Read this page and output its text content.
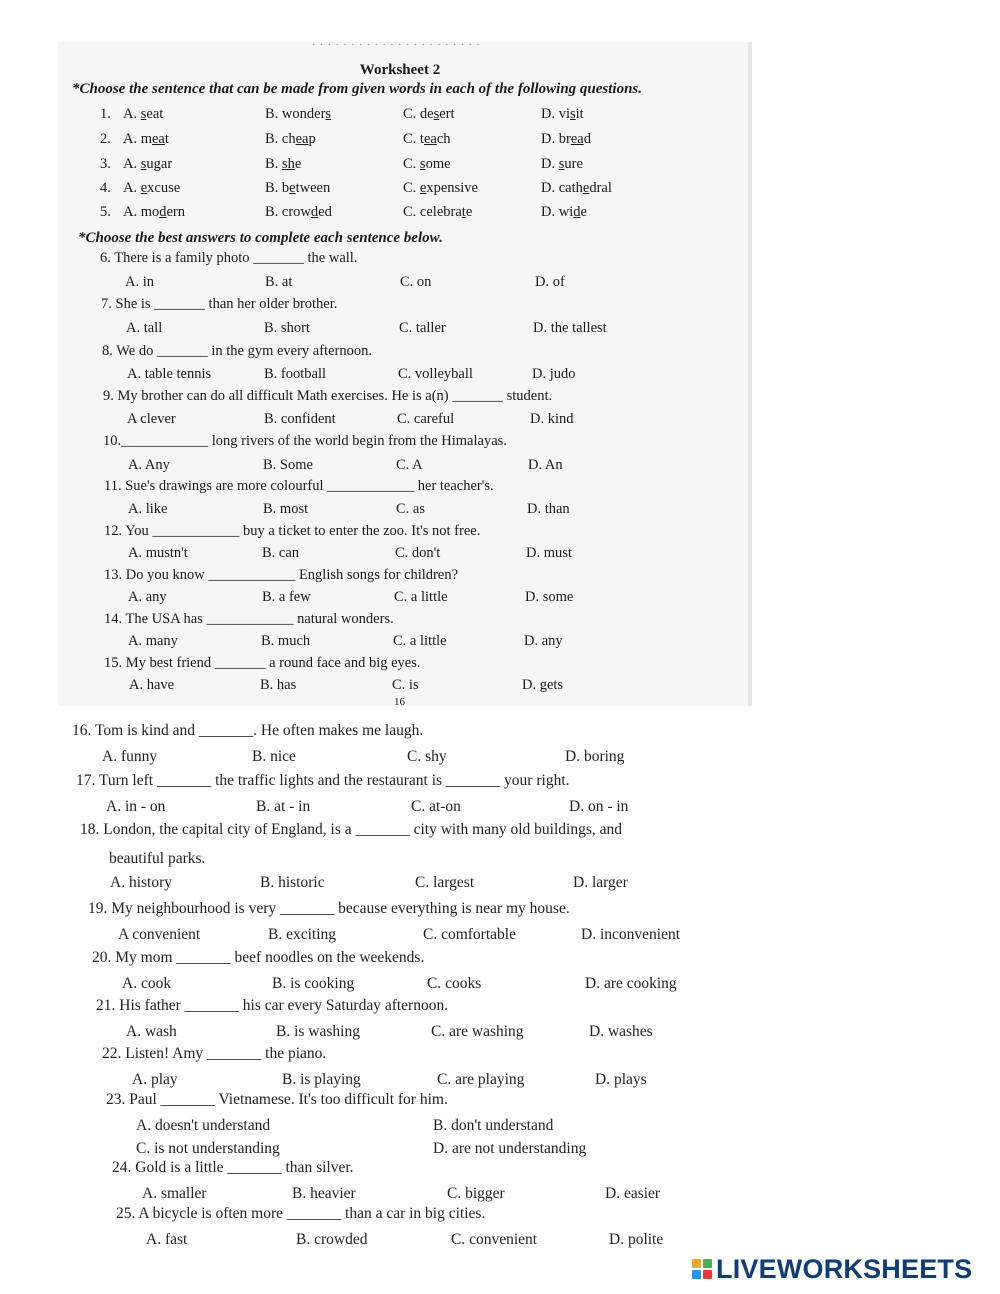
· · · · · · · · · · · · · · · · · · · · · ·
Worksheet 2
*Choose the sentence that can be made from given words in each of the following questions.
1. A. seat	B. wonders	C. desert	D. visit
2. A. meat	B. cheap	C. teach	D. bread
3. A. sugar	B. she	C. some	D. sure
4. A. excuse	B. between	C. expensive	D. cathedral
5. A. modern	B. crowded	C. celebrate	D. wide
*Choose the best answers to complete each sentence below.
6. There is a family photo _______ the wall.
A. in	B. at	C. on	D. of
7. She is _______ than her older brother.
A. tall	B. short	C. taller	D. the tallest
8. We do _______ in the gym every afternoon.
A. table tennis	B. football	C. volleyball	D. judo
9. My brother can do all difficult Math exercises. He is a(n) _______ student.
A clever	B. confident	C. careful	D. kind
10.____________ long rivers of the world begin from the Himalayas.
A. Any	B. Some	C. A	D. An
11. Sue's drawings are more colourful ____________ her teacher's.
A. like	B. most	C. as	D. than
12. You ____________ buy a ticket to enter the zoo. It's not free.
A. mustn't	B. can	C. don't	D. must
13. Do you know ____________ English songs for children?
A. any	B. a few	C. a little	D. some
14. The USA has ____________ natural wonders.
A. many	B. much	C. a little	D. any
15. My best friend _______ a round face and big eyes.
A. have	B. has	C. is	D. gets
16
16. Tom is kind and _______. He often makes me laugh.
A. funny	B. nice	C. shy	D. boring
17. Turn left _______ the traffic lights and the restaurant is _______ your right.
A. in - on	B. at - in	C. at-on	D. on - in
18. London, the capital city of England, is a _______ city with many old buildings, and
beautiful parks.
A. history	B. historic	C. largest	D. larger
19. My neighbourhood is very _______ because everything is near my house.
A convenient	B. exciting	C. comfortable	D. inconvenient
20. My mom _______ beef noodles on the weekends.
A. cook	B. is cooking	C. cooks	D. are cooking
21. His father _______ his car every Saturday afternoon.
A. wash	B. is washing	C. are washing	D. washes
22. Listen! Amy _______ the piano.
A. play	B. is playing	C. are playing	D. plays
23. Paul _______ Vietnamese. It's too difficult for him.
A. doesn't understand	B. don't understand
C. is not understanding	D. are not understanding
24. Gold is a little _______ than silver.
A. smaller	B. heavier	C. bigger	D. easier
25. A bicycle is often more _______ than a car in big cities.
A. fast	B. crowded	C. convenient	D. polite
LIVEWORKSHEETS
